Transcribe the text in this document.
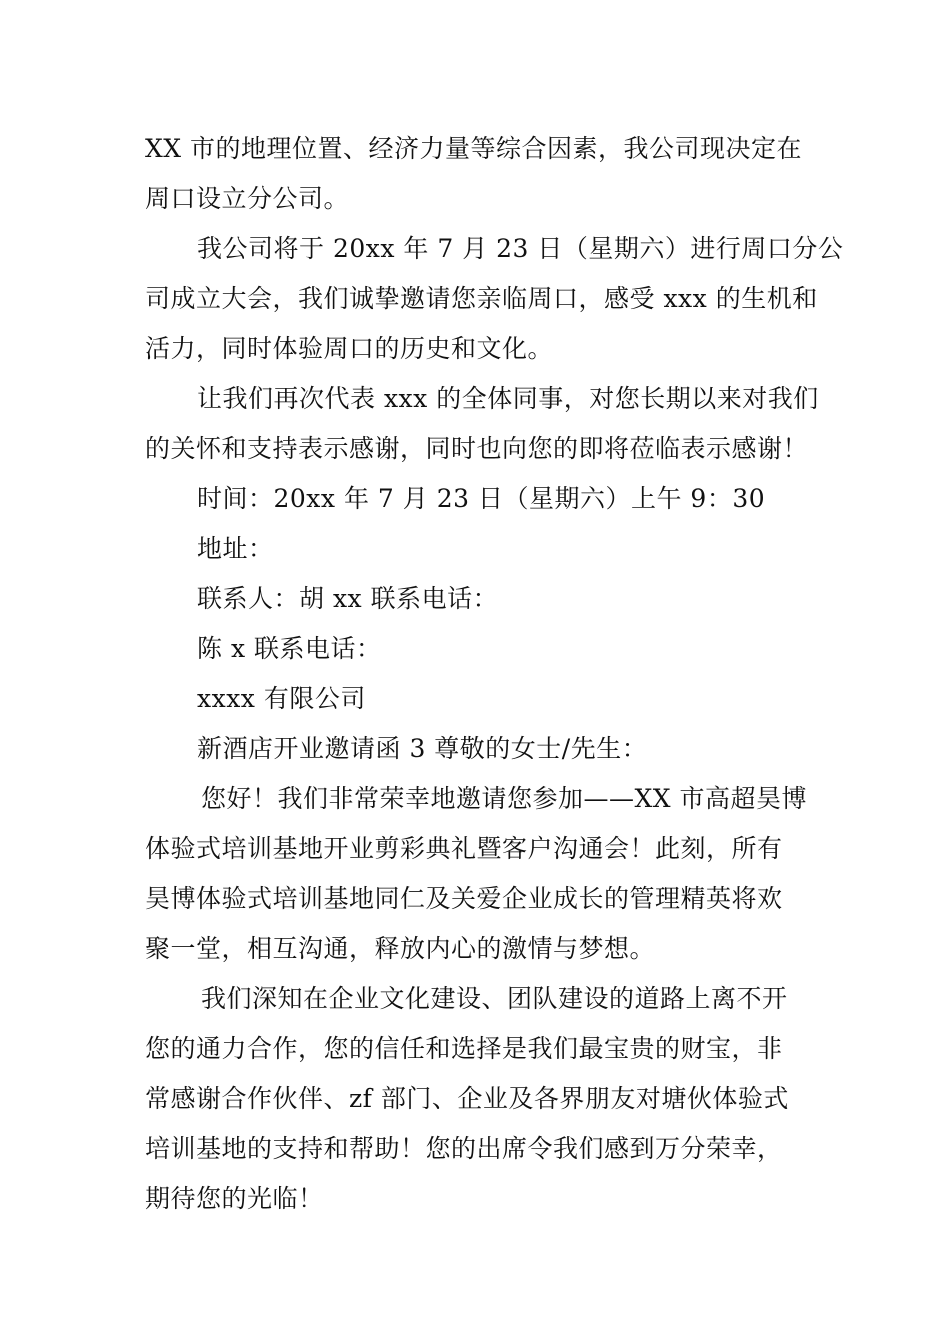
XX 市的地理位置、经济力量等综合因素，我公司现决定在
周口设立分公司。
我公司将于 20xx 年 7 月 23 日（星期六）进行周口分公
司成立大会，我们诚挚邀请您亲临周口，感受 xxx 的生机和
活力，同时体验周口的历史和文化。
让我们再次代表 xxx 的全体同事，对您长期以来对我们
的关怀和支持表示感谢，同时也向您的即将莅临表示感谢！
时间：20xx 年 7 月 23 日（星期六）上午 9：30
地址：
联系人：胡 xx 联系电话：
陈 x 联系电话：
xxxx 有限公司
新酒店开业邀请函 3 尊敬的女士/先生：
您好！我们非常荣幸地邀请您参加——XX 市高超昊博
体验式培训基地开业剪彩典礼暨客户沟通会！此刻，所有
昊博体验式培训基地同仁及关爱企业成长的管理精英将欢
聚一堂，相互沟通，释放内心的激情与梦想。
我们深知在企业文化建设、团队建设的道路上离不开
您的通力合作，您的信任和选择是我们最宝贵的财宝，非
常感谢合作伙伴、zf 部门、企业及各界朋友对塘伙体验式
培训基地的支持和帮助！您的出席令我们感到万分荣幸，
期待您的光临！
